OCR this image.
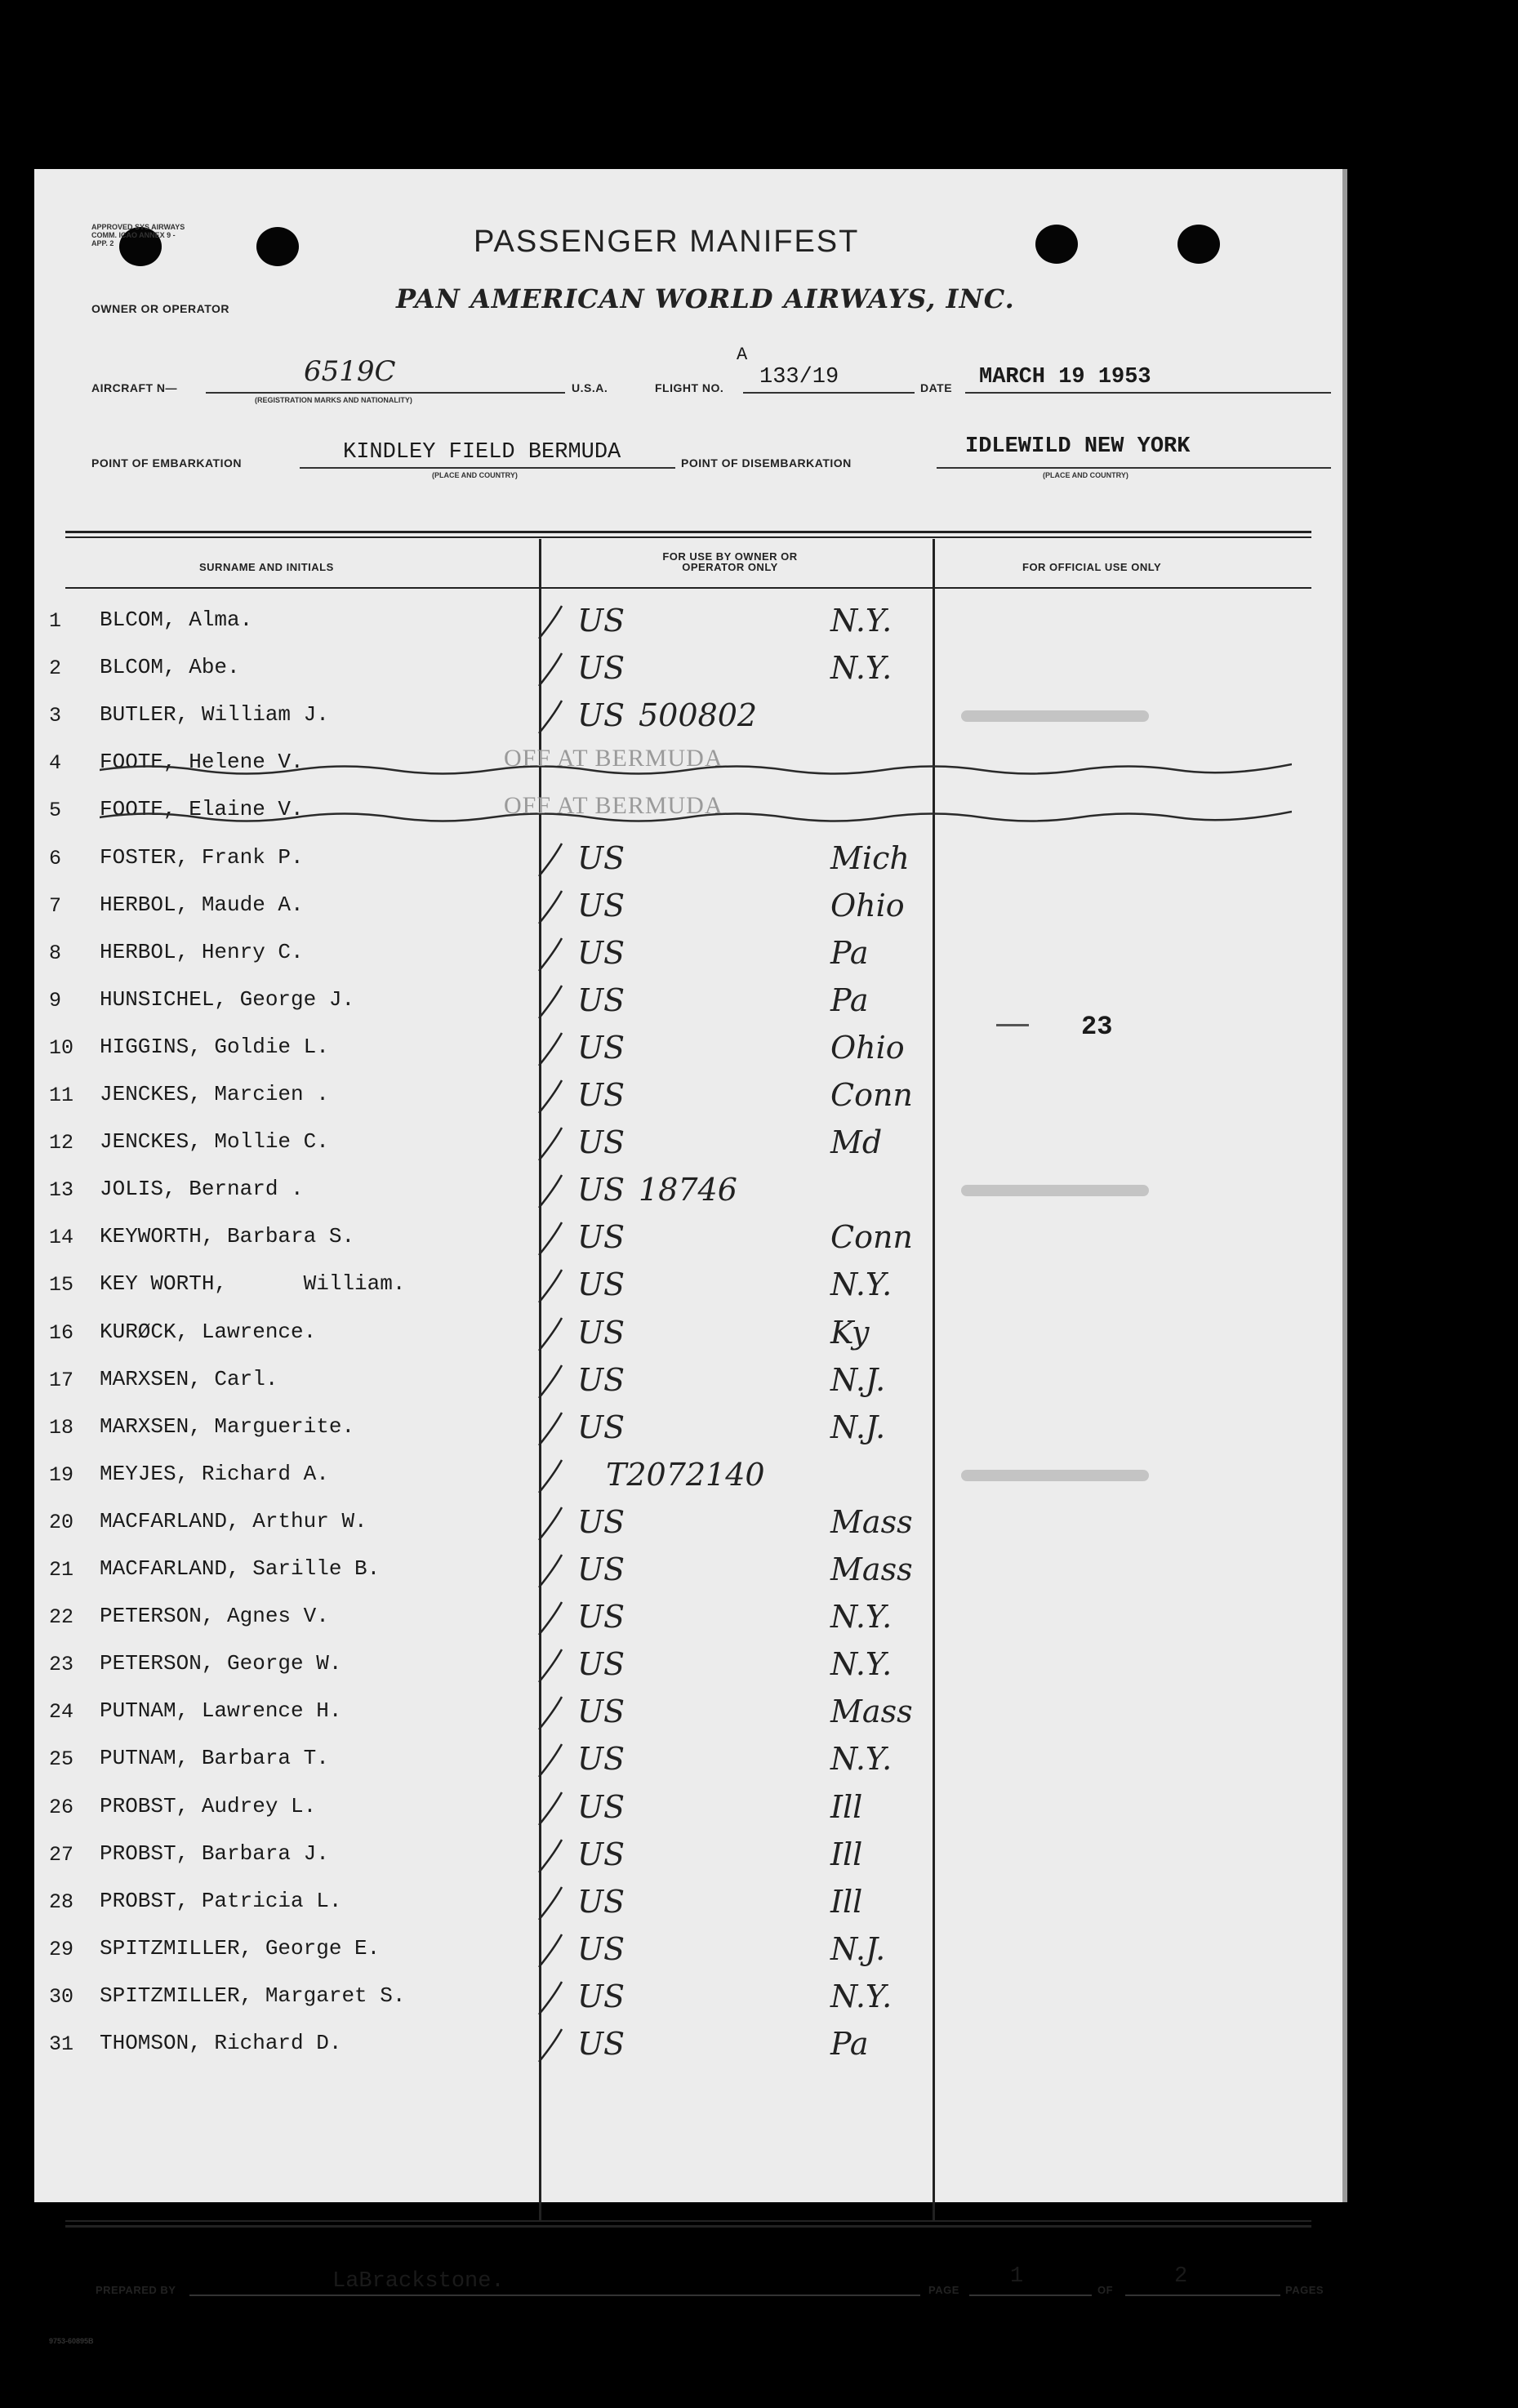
APPROVED SYS AIRWAYS COMM. ICAO ANNEX 9 - APP. 2	PASSENGER MANIFEST
OWNER OR OPERATOR	PAN AMERICAN WORLD AIRWAYS, INC.
AIRCRAFT N—	6519C
(REGISTRATION MARKS AND NATIONALITY)
U.S.A.	FLIGHT NO.
A
133/19	DATE MARCH 19 1953
POINT OF EMBARKATION	KINDLEY FIELD BERMUDA
(PLACE AND COUNTRY)
POINT OF DISEMBARKATION
IDLEWILD NEW YORK
(PLACE AND COUNTRY)
SURNAME AND INITIALS
FOR USE BY OWNER OR OPERATOR ONLY	FOR OFFICIAL USE ONLY
1	BLCOM, Alma.	US	N.Y.
2	BLCOM, Abe.	US	N.Y.
3	BUTLER, William J.	US 500802
4	FOOTE, Helene V.	OFF AT BERMUDA
5	FOOTE, Elaine V.	OFF AT BERMUDA
6	FOSTER, Frank P.	US	Mich
7	HERBOL, Maude A.	US	Ohio
8	HERBOL, Henry C.	US	Pa
9	HUNSICHEL, George J.	US	Pa
10	HIGGINS, Goldie L.	US	Ohio
11	JENCKES, Marcien .	US	Conn
12	JENCKES, Mollie C.	US	Md
13	JOLIS, Bernard .	US 18746
14	KEYWORTH, Barbara S.	US	Conn
15	KEY WORTH,      William.	US	N.Y.
16	KURØCK, Lawrence.	US	Ky
17	MARXSEN, Carl.	US	N.J.
18	MARXSEN, Marguerite.	US	N.J.
19	MEYJES, Richard A.	T2072140
20	MACFARLAND, Arthur W.	US	Mass
21	MACFARLAND, Sarille B.	US	Mass
22	PETERSON, Agnes V.	US	N.Y.
23	PETERSON, George W.	US	N.Y.
24	PUTNAM, Lawrence H.	US	Mass
25	PUTNAM, Barbara T.	US	N.Y.
26	PROBST, Audrey L.	US	Ill
27	PROBST, Barbara J.	US	Ill
28	PROBST, Patricia L.	US	Ill
29	SPITZMILLER, George E.	US	N.J.
30	SPITZMILLER, Margaret S.	US	N.Y.
31	THOMSON, Richard D.	US	Pa
23
PREPARED BY	LaBrackstone.	PAGE
1
OF
2
PAGES
9753-60895B
